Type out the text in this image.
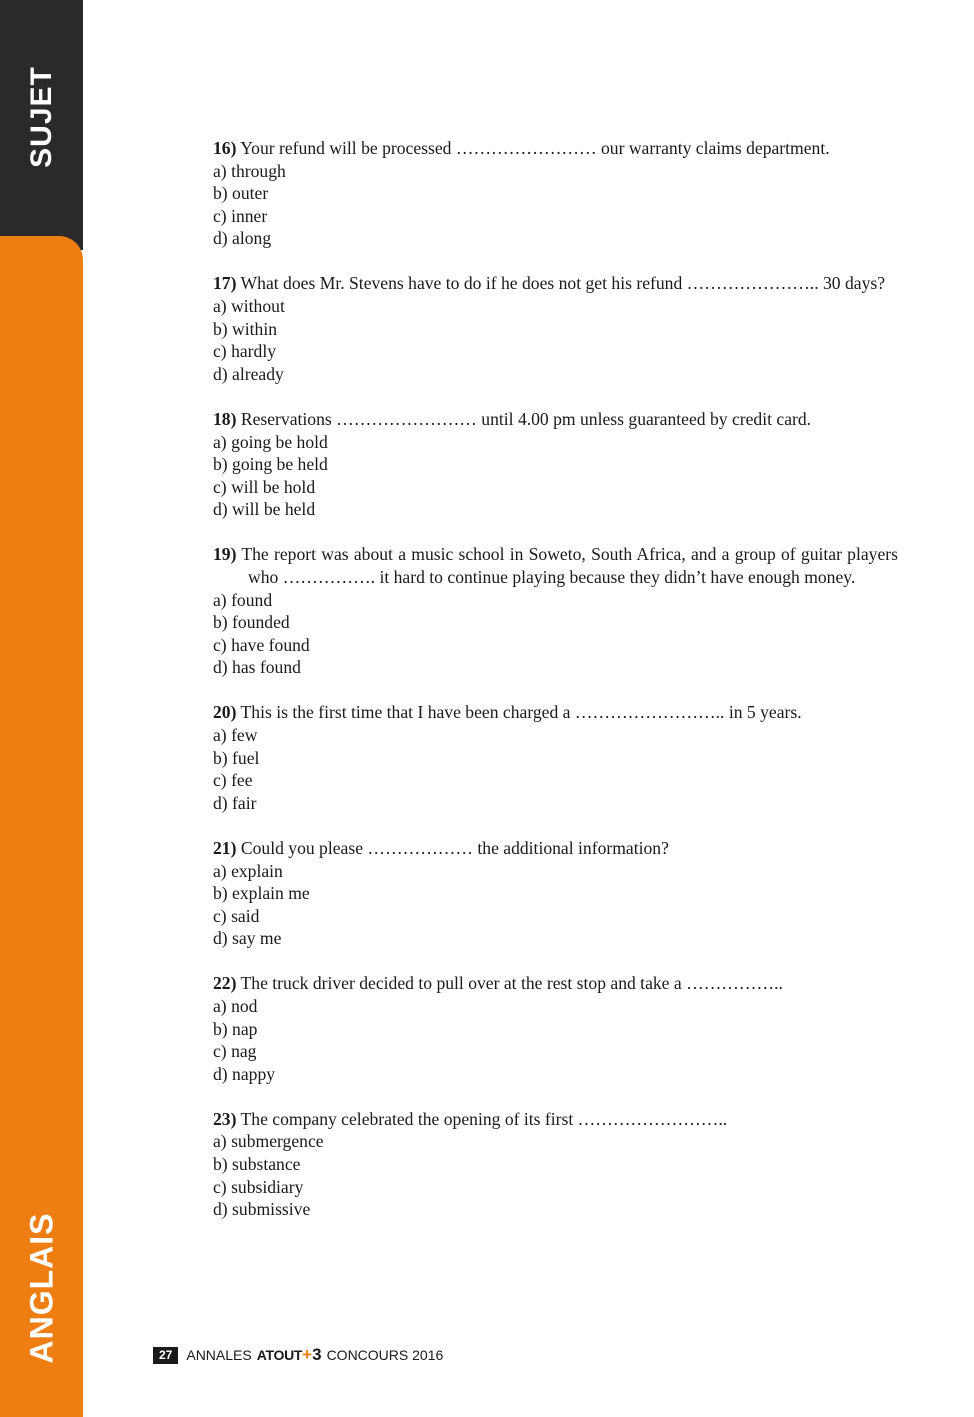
SUJET
ANGLAIS
16) Your refund will be processed …………………… our warranty claims department.
a) through
b) outer
c) inner
d) along
17) What does Mr. Stevens have to do if he does not get his refund ………………….. 30 days?
a) without
b) within
c) hardly
d) already
18) Reservations …………………… until 4.00 pm unless guaranteed by credit card.
a) going be hold
b) going be held
c) will be hold
d) will be held
19) The report was about a music school in Soweto, South Africa, and a group of guitar players who ……………. it hard to continue playing because they didn’t have enough money.
a) found
b) founded
c) have found
d) has found
20) This is the first time that I have been charged a …………………….. in 5 years.
a) few
b) fuel
c) fee
d) fair
21) Could you please ……………… the additional information?
a) explain
b) explain me
c) said
d) say me
22) The truck driver decided to pull over at the rest stop and take a ……………..
a) nod
b) nap
c) nag
d) nappy
23) The company celebrated the opening of its first ……………………..
a) submergence
b) substance
c) subsidiary
d) submissive
27	ANNALES ATOUT + 3 CONCOURS 2016
